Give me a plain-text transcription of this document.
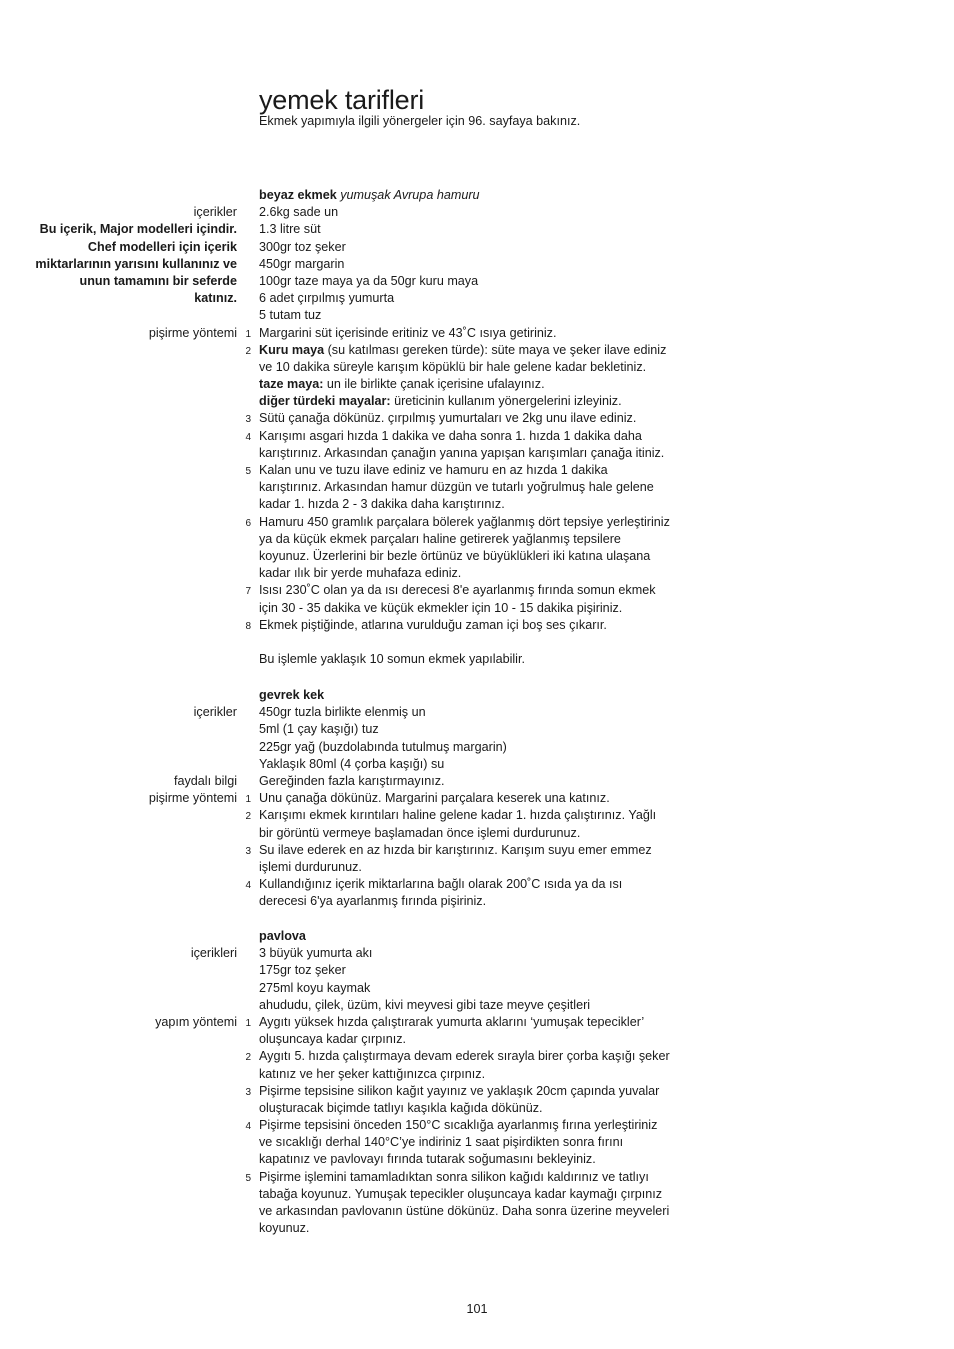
yemek tarifleri
Ekmek yapımıyla ilgili yönergeler için 96. sayfaya bakınız.
beyaz ekmek yumuşak Avrupa hamuru
içerikler 2.6kg sade un
Bu içerik, Major modelleri içindir. 1.3 litre süt
Chef modelleri için içerik 300gr toz şeker
miktarlarının yarısını kullanınız ve 450gr margarin
unun tamamını bir seferde 100gr taze maya ya da 50gr kuru maya
katınız. 6 adet çırpılmış yumurta
5 tutam tuz
pişirme yöntemi 1 Margarini süt içerisinde eritiniz ve 43˚C ısıya getiriniz.
2 Kuru maya (su katılması gereken türde): süte maya ve şeker ilave ediniz
ve 10 dakika süreyle karışım köpüklü bir hale gelene kadar bekletiniz.
taze maya: un ile birlikte çanak içerisine ufalayınız.
diğer türdeki mayalar: üreticinin kullanım yönergelerini izleyiniz.
3 Sütü çanağa dökünüz. çırpılmış yumurtaları ve 2kg unu ilave ediniz.
4 Karışımı asgari hızda 1 dakika ve daha sonra 1. hızda 1 dakika daha
karıştırınız. Arkasından çanağın yanına yapışan karışımları çanağa itiniz.
5 Kalan unu ve tuzu ilave ediniz ve hamuru en az hızda 1 dakika
karıştırınız. Arkasından hamur düzgün ve tutarlı yoğrulmuş hale gelene
kadar 1. hızda 2 - 3 dakika daha karıştırınız.
6 Hamuru 450 gramlık parçalara bölerek yağlanmış dört tepsiye yerleştiriniz
ya da küçük ekmek parçaları haline getirerek yağlanmış tepsilere
koyunuz. Üzerlerini bir bezle örtünüz ve büyüklükleri iki katına ulaşana
kadar ılık bir yerde muhafaza ediniz.
7 Isısı 230˚C olan ya da ısı derecesi 8'e ayarlanmış fırında somun ekmek
için 30 - 35 dakika ve küçük ekmekler için 10 - 15 dakika pişiriniz.
8 Ekmek piştiğinde, atlarına vurulduğu zaman içi boş ses çıkarır.
Bu işlemle yaklaşık 10 somun ekmek yapılabilir.
gevrek kek
içerikler 450gr tuzla birlikte elenmiş un
5ml (1 çay kaşığı) tuz
225gr yağ (buzdolabında tutulmuş margarin)
Yaklaşık 80ml (4 çorba kaşığı) su
faydalı bilgi Gereğinden fazla karıştırmayınız.
pişirme yöntemi 1 Unu çanağa dökünüz. Margarini parçalara keserek una katınız.
2 Karışımı ekmek kırıntıları haline gelene kadar 1. hızda çalıştırınız. Yağlı
bir görüntü vermeye başlamadan önce işlemi durdurunuz.
3 Su ilave ederek en az hızda bir karıştırınız. Karışım suyu emer emmez
işlemi durdurunuz.
4 Kullandığınız içerik miktarlarına bağlı olarak 200˚C ısıda ya da ısı
derecesi 6'ya ayarlanmış fırında pişiriniz.
pavlova
içerikleri 3 büyük yumurta akı
175gr toz şeker
275ml koyu kaymak
ahududu, çilek, üzüm, kivi meyvesi gibi taze meyve çeşitleri
yapım yöntemi 1 Aygıtı yüksek hızda çalıştırarak yumurta aklarını ‘yumuşak tepecikler’
oluşuncaya kadar çırpınız.
2 Aygıtı 5. hızda çalıştırmaya devam ederek sırayla birer çorba kaşığı şeker
katınız ve her şeker kattığınızca çırpınız.
3 Pişirme tepsisine silikon kağıt yayınız ve yaklaşık 20cm çapında yuvalar
oluşturacak biçimde tatlıyı kaşıkla kağıda dökünüz.
4 Pişirme tepsisini önceden 150°C sıcaklığa ayarlanmış fırına yerleştiriniz
ve sıcaklığı derhal 140°C’ye indiriniz 1 saat pişirdikten sonra fırını
kapatınız ve pavlovayı fırında tutarak soğumasını bekleyiniz.
5 Pişirme işlemini tamamladıktan sonra silikon kağıdı kaldırınız ve tatlıyı
tabağa koyunuz. Yumuşak tepecikler oluşuncaya kadar kaymağı çırpınız
ve arkasından pavlovanın üstüne dökünüz. Daha sonra üzerine meyveleri
koyunuz.
101
